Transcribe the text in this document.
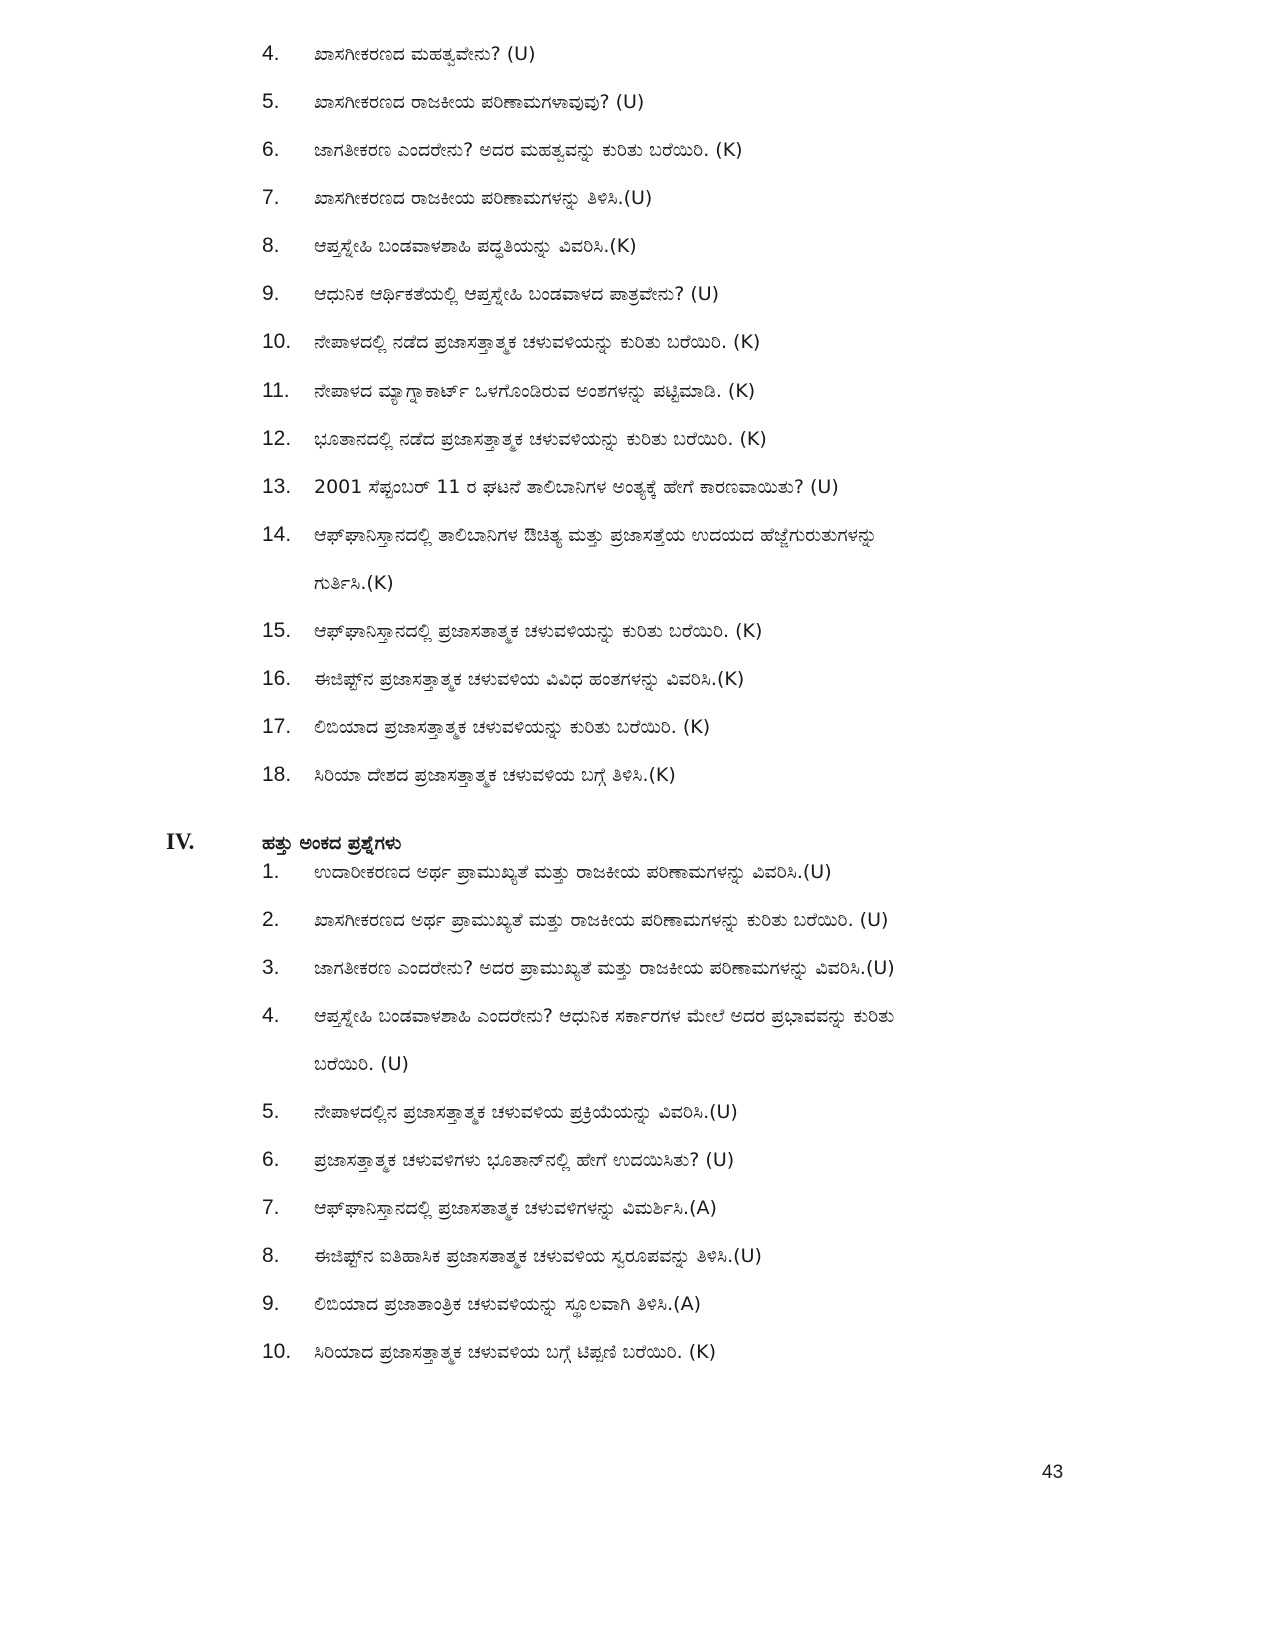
4. ಖಾಸಗೀಕರಣದ ಮಹತ್ವವೇನು? (U)
5. ಖಾಸಗೀಕರಣದ ರಾಜಕೀಯ ಪರಿಣಾಮಗಳಾವುವು? (U)
6. ಜಾಗತೀಕರಣ ಎಂದರೇನು? ಅದರ ಮಹತ್ವವನ್ನು ಕುರಿತು ಬರೆಯಿರಿ. (K)
7. ಖಾಸಗೀಕರಣದ ರಾಜಕೀಯ ಪರಿಣಾಮಗಳನ್ನು ತಿಳಿಸಿ.(U)
8. ಆಪ್ತಸ್ನೇಹಿ ಬಂಡವಾಳಶಾಹಿ ಪದ್ಧತಿಯನ್ನು ವಿವರಿಸಿ.(K)
9. ಆಧುನಿಕ ಆರ್ಥಿಕತೆಯಲ್ಲಿ ಆಪ್ತಸ್ನೇಹಿ ಬಂಡವಾಳದ ಪಾತ್ರವೇನು? (U)
10. ನೇಪಾಳದಲ್ಲಿ ನಡೆದ ಪ್ರಜಾಸತ್ತಾತ್ಮಕ ಚಳುವಳಿಯನ್ನು ಕುರಿತು ಬರೆಯಿರಿ. (K)
11. ನೇಪಾಳದ ಮ್ಯಾಗ್ನಾಕಾರ್ಟ್ ಒಳಗೊಂಡಿರುವ ಅಂಶಗಳನ್ನು ಪಟ್ಟಿಮಾಡಿ. (K)
12. ಭೂತಾನದಲ್ಲಿ ನಡೆದ ಪ್ರಜಾಸತ್ತಾತ್ಮಕ ಚಳುವಳಿಯನ್ನು ಕುರಿತು ಬರೆಯಿರಿ. (K)
13. 2001 ಸೆಪ್ಟಂಬರ್ 11 ರ ಘಟನೆ ತಾಲಿಬಾನಿಗಳ ಅಂತ್ಯಕ್ಕೆ ಹೇಗೆ ಕಾರಣವಾಯಿತು? (U)
14. ಆಫ್‌ಘಾನಿಸ್ತಾನದಲ್ಲಿ ತಾಲಿಬಾನಿಗಳ ಔಚಿತ್ಯ ಮತ್ತು ಪ್ರಜಾಸತ್ತೆಯ ಉದಯದ ಹೆಜ್ಜೆಗುರುತುಗಳನ್ನು
ಗುರ್ತಿಸಿ.(K)
15. ಆಫ್‌ಘಾನಿಸ್ತಾನದಲ್ಲಿ ಪ್ರಜಾಸತಾತ್ಮಕ ಚಳುವಳಿಯನ್ನು ಕುರಿತು ಬರೆಯಿರಿ. (K)
16. ಈಜಿಪ್ಟ್‌ನ ಪ್ರಜಾಸತ್ತಾತ್ಮಕ ಚಳುವಳಿಯ ವಿವಿಧ ಹಂತಗಳನ್ನು ವಿವರಿಸಿ.(K)
17. ಲಿಬಿಯಾದ ಪ್ರಜಾಸತ್ತಾತ್ಮಕ ಚಳುವಳಿಯನ್ನು ಕುರಿತು ಬರೆಯಿರಿ. (K)
18. ಸಿರಿಯಾ ದೇಶದ ಪ್ರಜಾಸತ್ತಾತ್ಮಕ ಚಳುವಳಿಯ ಬಗ್ಗೆ ತಿಳಿಸಿ.(K)
IV.	ಹತ್ತು ಅಂಕದ ಪ್ರಶ್ನೆಗಳು
1. ಉದಾರೀಕರಣದ ಅರ್ಥ ಪ್ರಾಮುಖ್ಯತೆ ಮತ್ತು ರಾಜಕೀಯ ಪರಿಣಾಮಗಳನ್ನು ವಿವರಿಸಿ.(U)
2. ಖಾಸಗೀಕರಣದ ಅರ್ಥ ಪ್ರಾಮುಖ್ಯತೆ ಮತ್ತು ರಾಜಕೀಯ ಪರಿಣಾಮಗಳನ್ನು ಕುರಿತು ಬರೆಯಿರಿ. (U)
3. ಜಾಗತೀಕರಣ ಎಂದರೇನು? ಅದರ ಪ್ರಾಮುಖ್ಯತೆ ಮತ್ತು ರಾಜಕೀಯ ಪರಿಣಾಮಗಳನ್ನು ವಿವರಿಸಿ.(U)
4. ಆಪ್ತಸ್ನೇಹಿ ಬಂಡವಾಳಶಾಹಿ ಎಂದರೇನು? ಆಧುನಿಕ ಸರ್ಕಾರಗಳ ಮೇಲೆ ಅದರ ಪ್ರಭಾವವನ್ನು ಕುರಿತು
ಬರೆಯಿರಿ. (U)
5. ನೇಪಾಳದಲ್ಲಿನ ಪ್ರಜಾಸತ್ತಾತ್ಮಕ ಚಳುವಳಿಯ ಪ್ರಕ್ರಿಯೆಯನ್ನು ವಿವರಿಸಿ.(U)
6. ಪ್ರಜಾಸತ್ತಾತ್ಮಕ ಚಳುವಳಿಗಳು ಭೂತಾನ್‌ನಲ್ಲಿ ಹೇಗೆ ಉದಯಿಸಿತು? (U)
7. ಆಫ್‌ಘಾನಿಸ್ತಾನದಲ್ಲಿ ಪ್ರಜಾಸತಾತ್ಮಕ ಚಳುವಳಿಗಳನ್ನು ವಿಮರ್ಶಿಸಿ.(A)
8. ಈಜಿಪ್ಟ್‌ನ ಐತಿಹಾಸಿಕ ಪ್ರಜಾಸತಾತ್ಮಕ ಚಳುವಳಿಯ ಸ್ವರೂಪವನ್ನು ತಿಳಿಸಿ.(U)
9. ಲಿಬಿಯಾದ ಪ್ರಜಾತಾಂತ್ರಿಕ ಚಳುವಳಿಯನ್ನು ಸ್ಥೂಲವಾಗಿ ತಿಳಿಸಿ.(A)
10. ಸಿರಿಯಾದ ಪ್ರಜಾಸತ್ತಾತ್ಮಕ ಚಳುವಳಿಯ ಬಗ್ಗೆ ಟಿಪ್ಪಣಿ ಬರೆಯಿರಿ. (K)
43
